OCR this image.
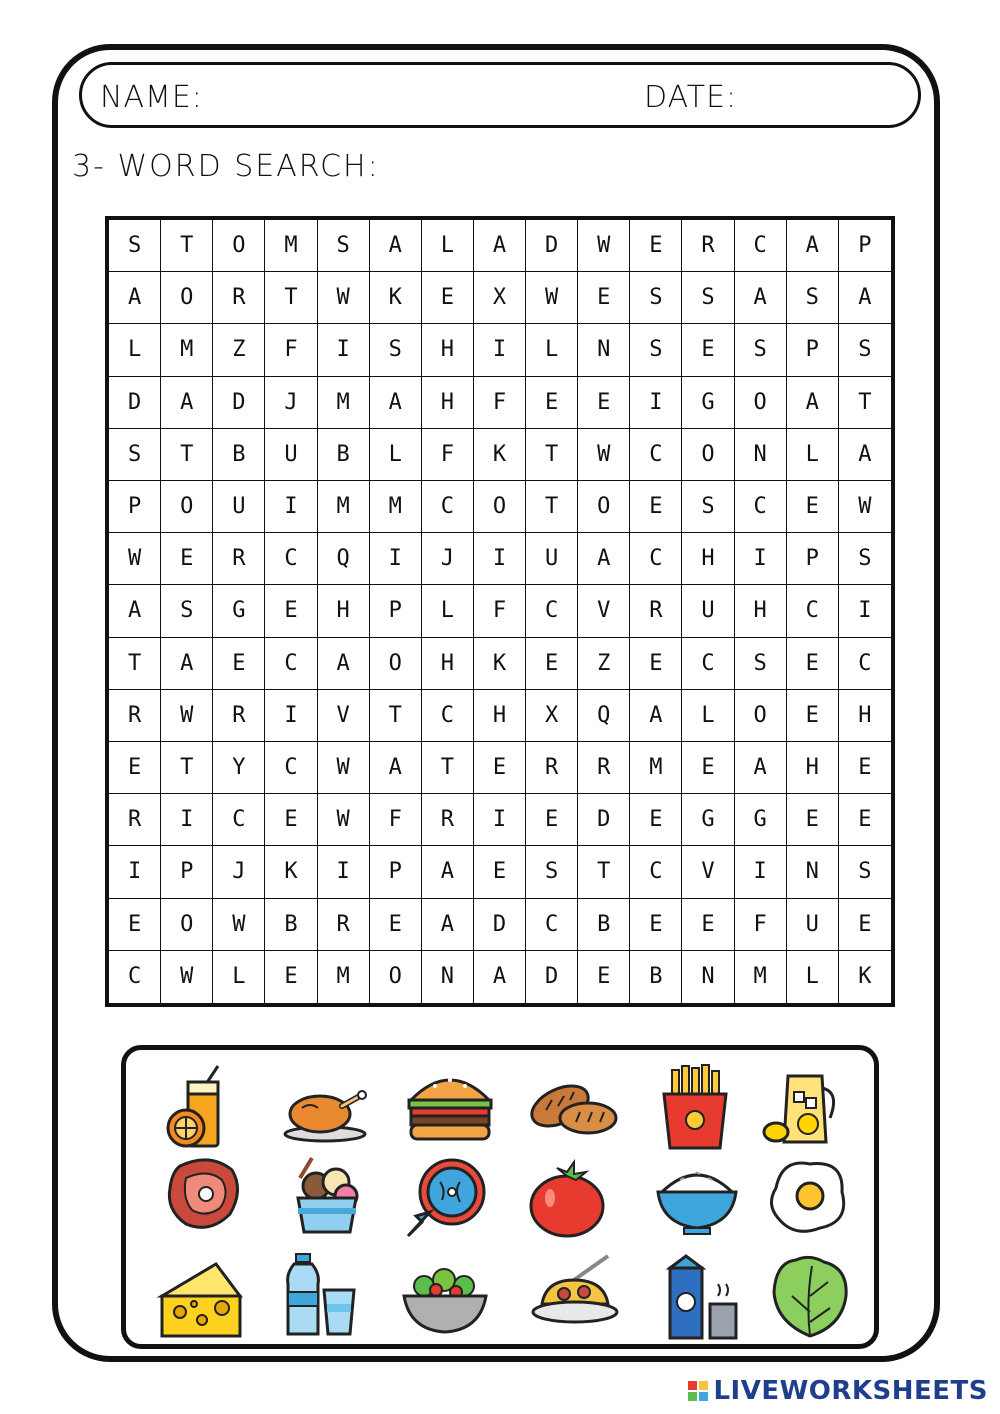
NAME:	DATE:
3- WORD SEARCH:
S	T	O	M	S	A	L	A	D	W	E	R	C	A	P
A	O	R	T	W	K	E	X	W	E	S	S	A	S	A
L	M	Z	F	I	S	H	I	L	N	S	E	S	P	S
D	A	D	J	M	A	H	F	E	E	I	G	O	A	T
S	T	B	U	B	L	F	K	T	W	C	O	N	L	A
P	O	U	I	M	M	C	O	T	O	E	S	C	E	W
W	E	R	C	Q	I	J	I	U	A	C	H	I	P	S
A	S	G	E	H	P	L	F	C	V	R	U	H	C	I
T	A	E	C	A	O	H	K	E	Z	E	C	S	E	C
R	W	R	I	V	T	C	H	X	Q	A	L	O	E	H
E	T	Y	C	W	A	T	E	R	R	M	E	A	H	E
R	I	C	E	W	F	R	I	E	D	E	G	G	E	E
I	P	J	K	I	P	A	E	S	T	C	V	I	N	S
E	O	W	B	R	E	A	D	C	B	E	E	F	U	E
C	W	L	E	M	O	N	A	D	E	B	N	M	L	K
LIVEWORKSHEETS
